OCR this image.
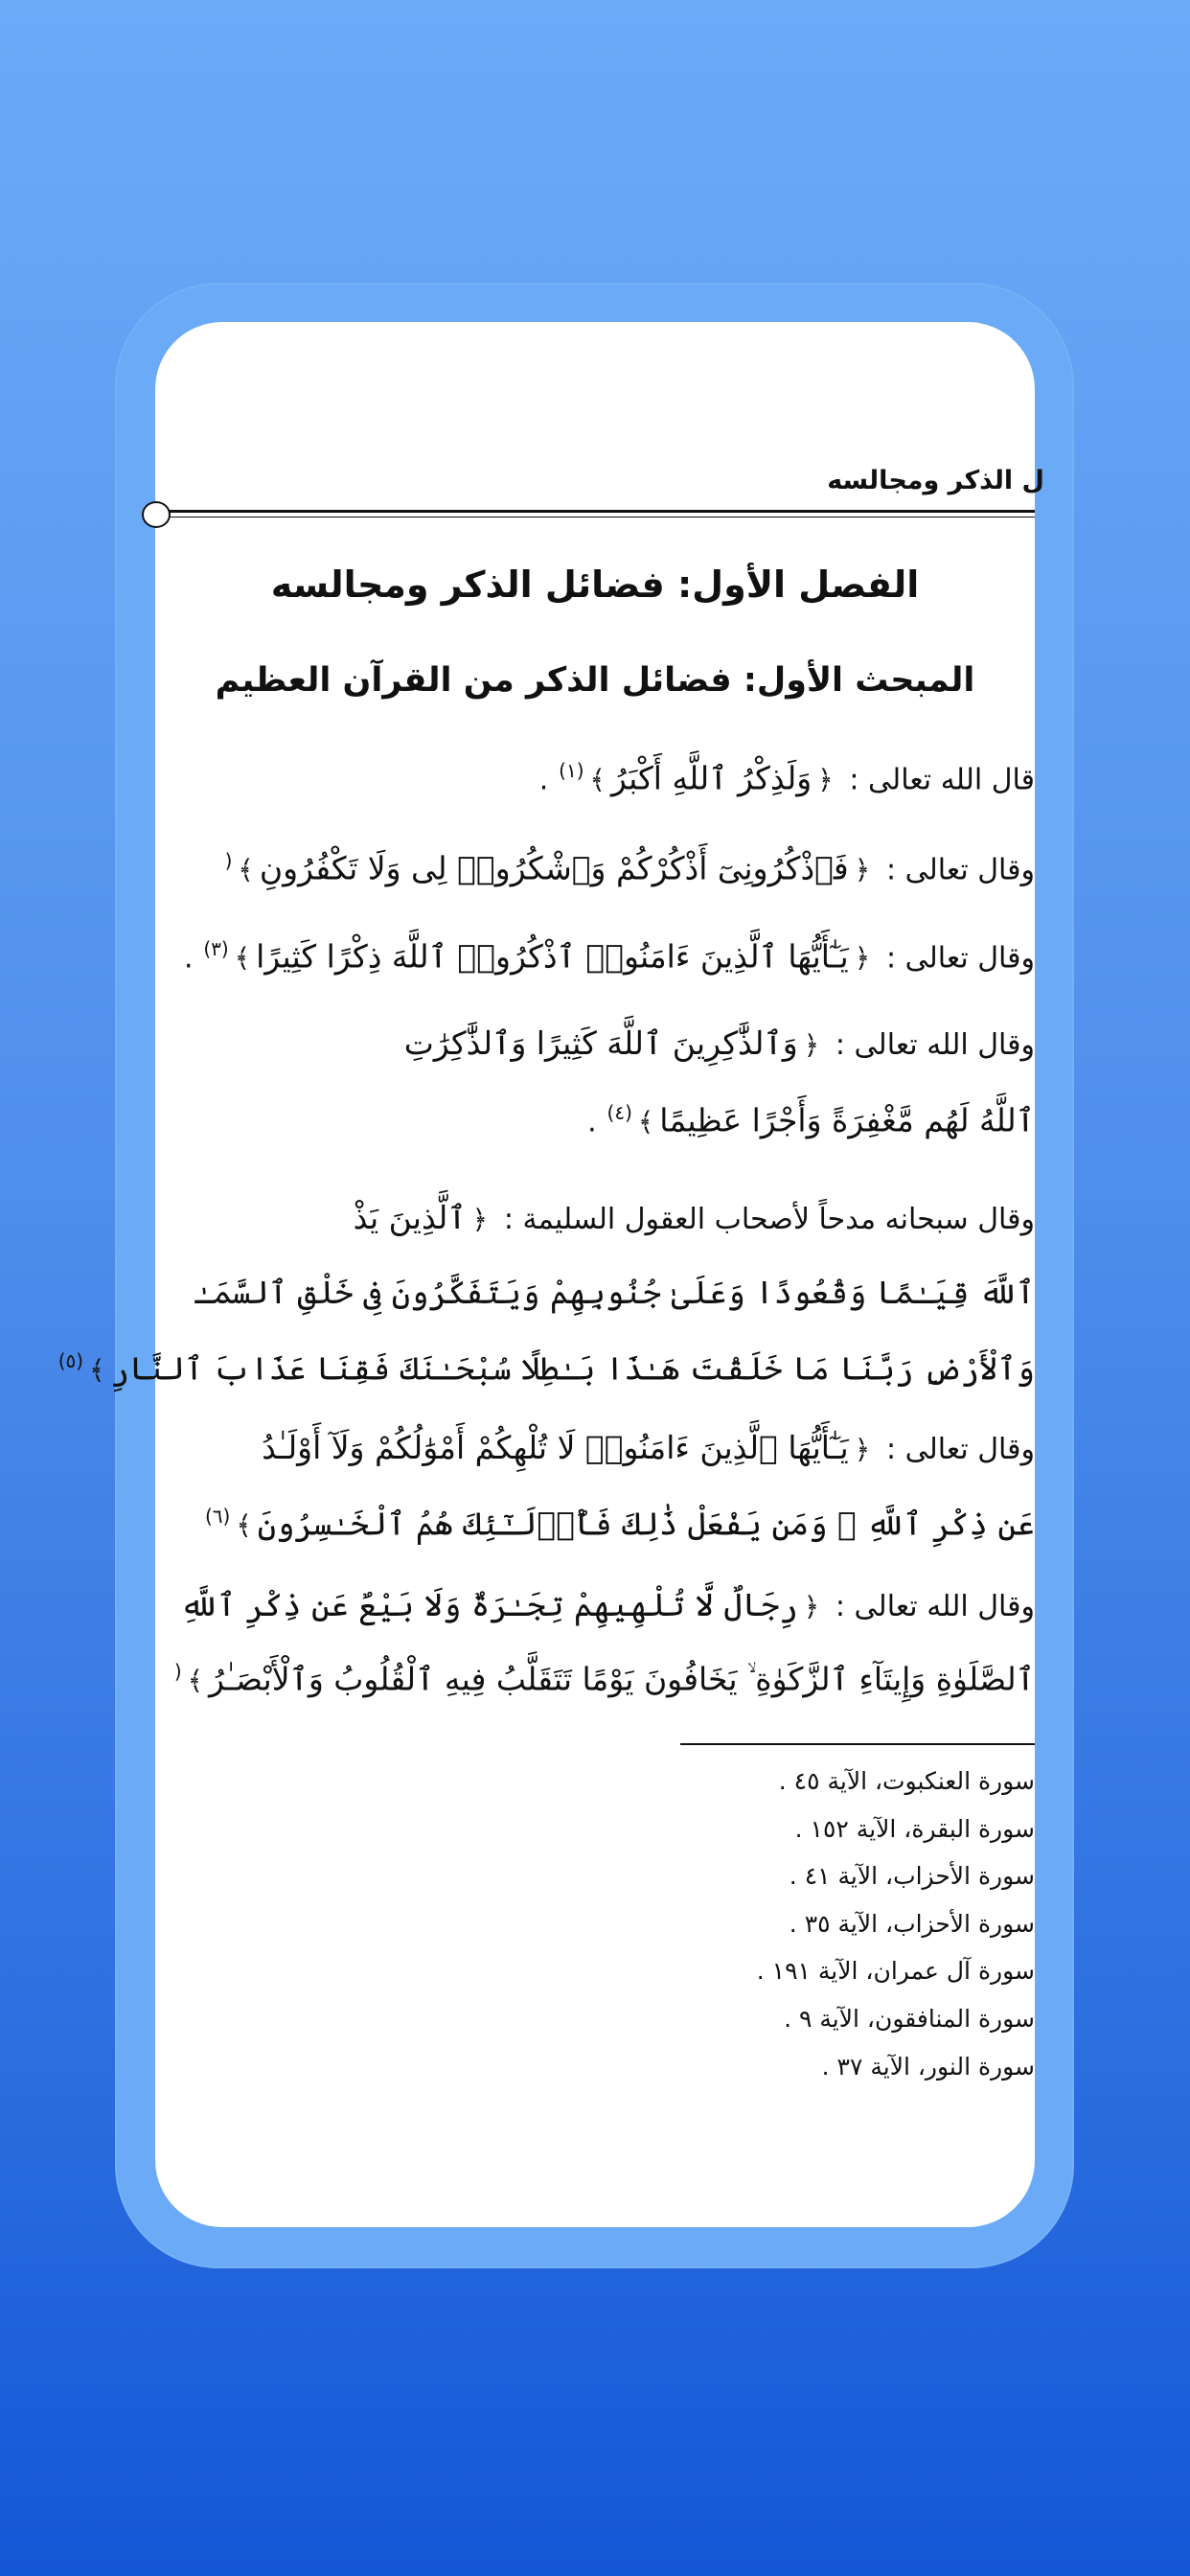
ل الذكر ومجالسه
الفصل الأول: فضائل الذكر ومجالسه
المبحث الأول: فضائل الذكر من القرآن العظيم
قال الله تعالى : ﴿وَلَذِكْرُ ٱللَّهِ أَكْبَرُ﴾$^{(١)}$ .
وقال تعالى : ﴿فَٱذْكُرُونِىٓ أَذْكُرْكُمْ وَٱشْكُرُوا۟ لِى وَلَا تَكْفُرُونِ﴾(
وقال تعالى : ﴿يَـٰٓأَيُّهَا ٱلَّذِينَ ءَامَنُوا۟ ٱذْكُرُوا۟ ٱللَّهَ ذِكْرًا كَثِيرًا﴾$^{(٣)}$ .
وقال الله تعالى : ﴿وَٱلذَّٰكِرِينَ ٱللَّهَ كَثِيرًا وَٱلذَّٰكِرَٰتِ
ٱللَّهُ لَهُم مَّغْفِرَةً وَأَجْرًا عَظِيمًا﴾$^{(٤)}$ .
وقال سبحانه مدحاً لأصحاب العقول السليمة : ﴿ٱلَّذِينَ يَذْ
ٱللَّهَ قِيَـٰمًا وَقُعُودًا وَعَلَىٰ جُنُوبِهِمْ وَيَتَفَكَّرُونَ فِى خَلْقِ ٱلسَّمَـٰ
وَٱلْأَرْضِ رَبَّنَا مَا خَلَقْتَ هَـٰذَا بَـٰطِلًا سُبْحَـٰنَكَ فَقِنَا عَذَابَ ٱلنَّارِ﴾$^{(٥)}$
وقال تعالى : ﴿يَـٰٓأَيُّهَا ٱلَّذِينَ ءَامَنُوا۟ لَا تُلْهِكُمْ أَمْوَٰلُكُمْ وَلَآ أَوْلَـٰدُ
عَن ذِكْرِ ٱللَّهِ ۚ وَمَن يَفْعَلْ ذَٰلِكَ فَأُو۟لَـٰٓئِكَ هُمُ ٱلْخَـٰسِرُونَ﴾$^{(٦)}$
وقال الله تعالى : ﴿رِجَالٌ لَّا تُلْهِيهِمْ تِجَـٰرَةٌ وَلَا بَيْعٌ عَن ذِكْرِ ٱللَّهِ
ٱلصَّلَوٰةِ وَإِيتَآءِ ٱلزَّكَوٰةِ ۙ يَخَافُونَ يَوْمًا تَتَقَلَّبُ فِيهِ ٱلْقُلُوبُ وَٱلْأَبْصَـٰرُ﴾(
سورة العنكبوت، الآية ٤٥ .
سورة البقرة، الآية ١٥٢ .
سورة الأحزاب، الآية ٤١ .
سورة الأحزاب، الآية ٣٥ .
سورة آل عمران، الآية ١٩١ .
سورة المنافقون، الآية ٩ .
سورة النور، الآية ٣٧ .
